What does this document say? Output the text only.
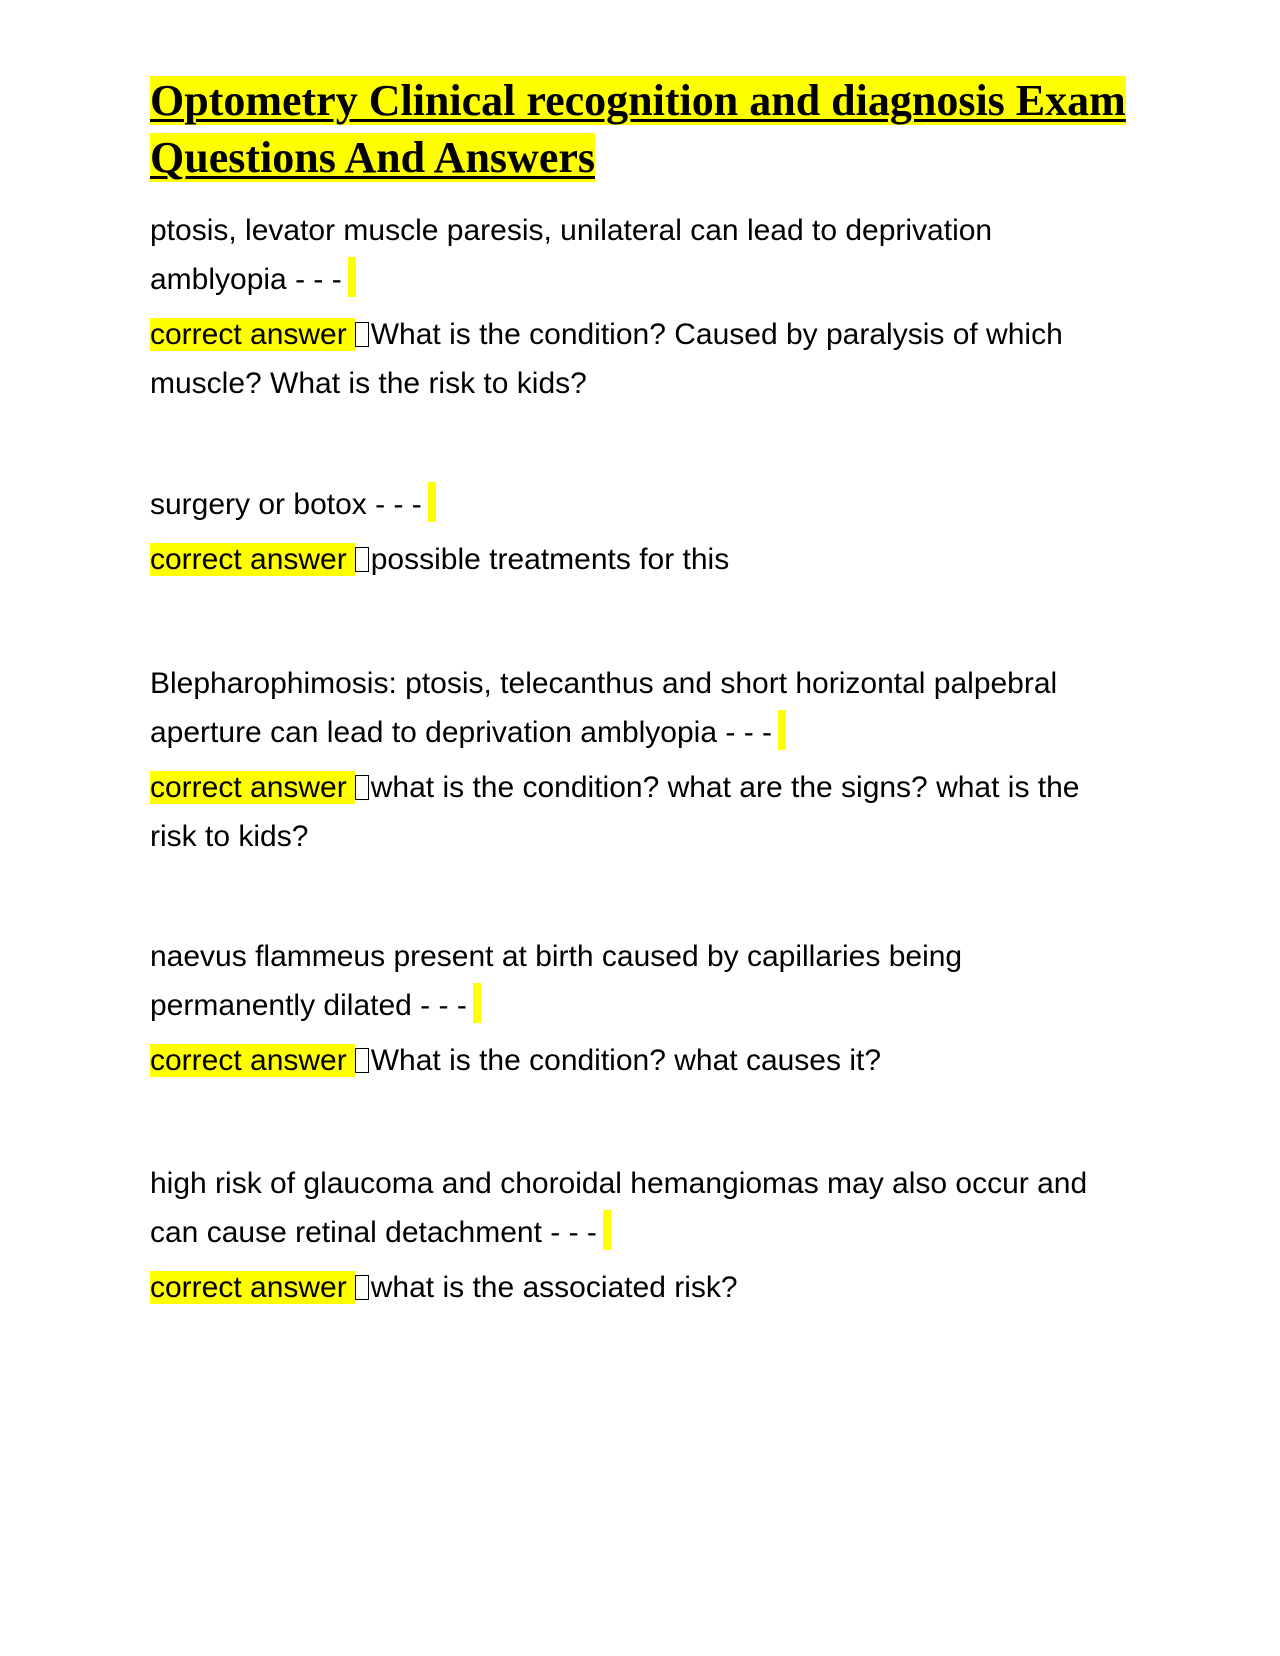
Optometry Clinical recognition and diagnosis Exam Questions And Answers

ptosis, levator muscle paresis, unilateral can lead to deprivation amblyopia - - -

correct answer What is the condition? Caused by paralysis of which muscle? What is the risk to kids?

surgery or botox - - -

correct answer possible treatments for this

Blepharophimosis: ptosis, telecanthus and short horizontal palpebral aperture can lead to deprivation amblyopia - - -

correct answer what is the condition? what are the signs? what is the risk to kids?

naevus flammeus present at birth caused by capillaries being permanently dilated - - -

correct answer What is the condition? what causes it?

high risk of glaucoma and choroidal hemangiomas may also occur and can cause retinal detachment - - -

correct answer what is the associated risk?
